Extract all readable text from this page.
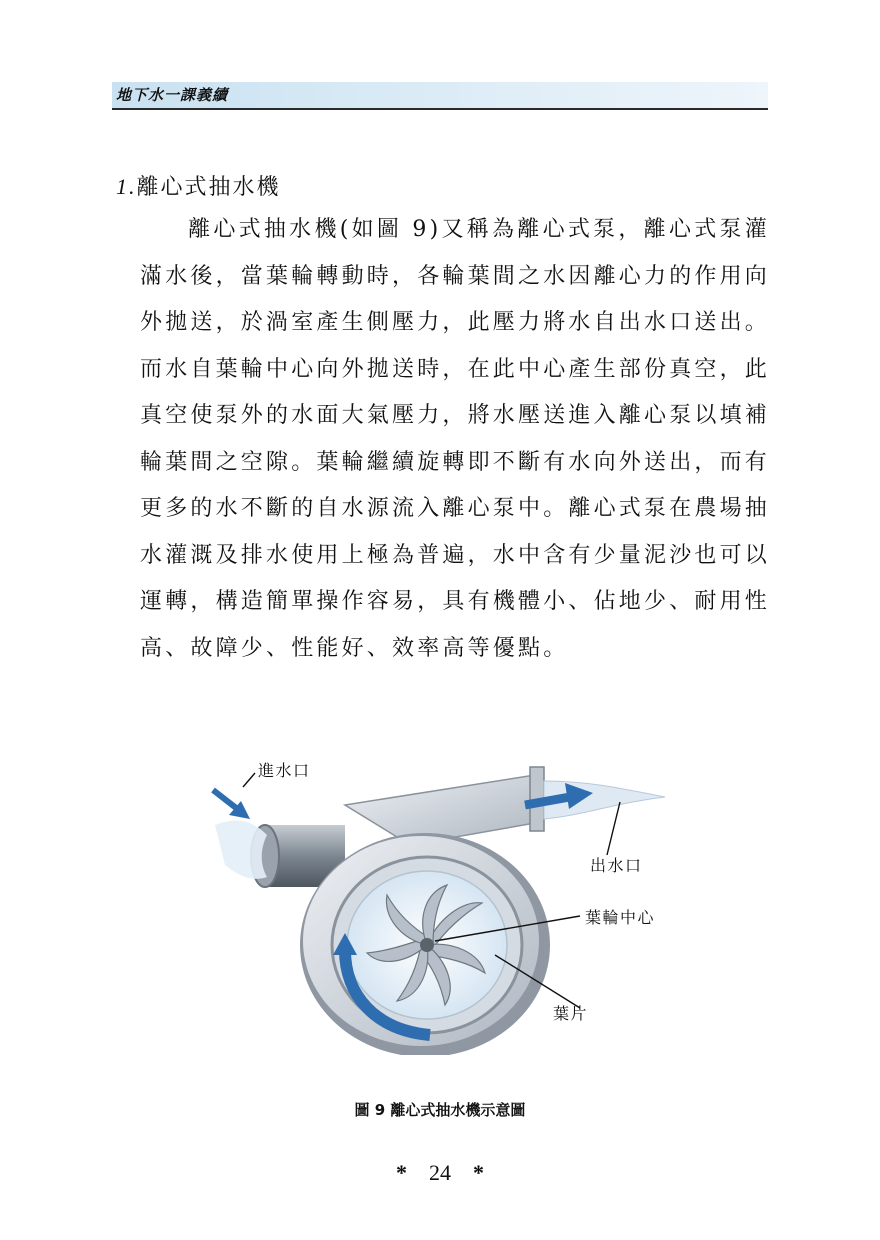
地下水一課義續
1.離心式抽水機
離心式抽水機(如圖 9)又稱為離心式泵，離心式泵灌滿水後，當葉輪轉動時，各輪葉間之水因離心力的作用向外拋送，於渦室產生側壓力，此壓力將水自出水口送出。而水自葉輪中心向外拋送時，在此中心產生部份真空，此真空使泵外的水面大氣壓力，將水壓送進入離心泵以填補輪葉間之空隙。葉輪繼續旋轉即不斷有水向外送出，而有更多的水不斷的自水源流入離心泵中。離心式泵在農場抽水灌溉及排水使用上極為普遍，水中含有少量泥沙也可以運轉，構造簡單操作容易，具有機體小、佔地少、耐用性高、故障少、性能好、效率高等優點。
進水口
出水口
葉輪中心
葉片
圖 9 離心式抽水機示意圖
* 24 *
